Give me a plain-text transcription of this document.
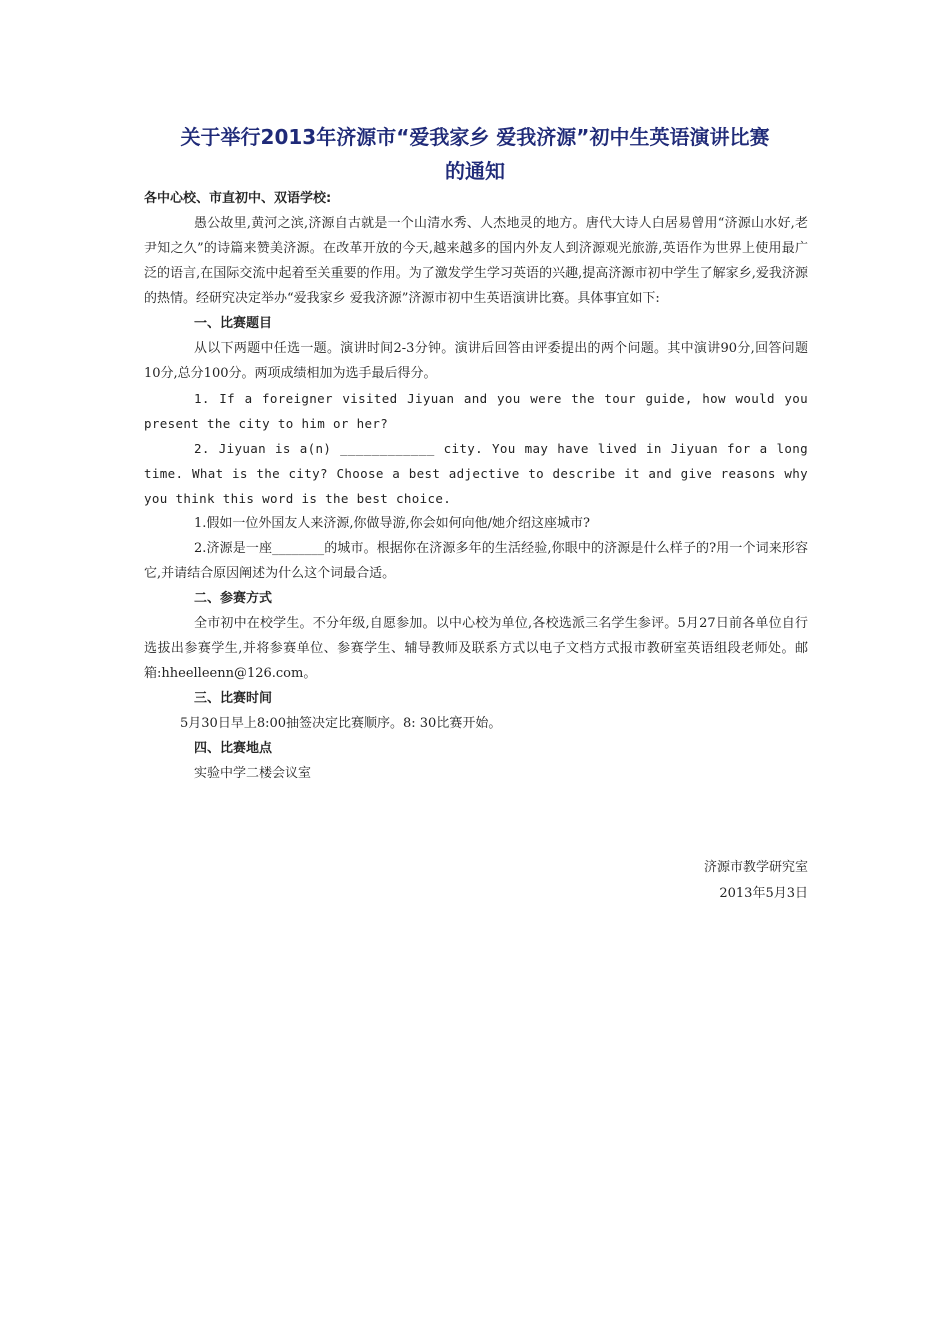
关于举行2013年济源市“爱我家乡 爱我济源”初中生英语演讲比赛
的通知
各中心校、市直初中、双语学校:
愚公故里,黄河之滨,济源自古就是一个山清水秀、人杰地灵的地方。唐代大诗人白居易曾用“济源山水好,老尹知之久”的诗篇来赞美济源。在改革开放的今天,越来越多的国内外友人到济源观光旅游,英语作为世界上使用最广泛的语言,在国际交流中起着至关重要的作用。为了激发学生学习英语的兴趣,提高济源市初中学生了解家乡,爱我济源的热情。经研究决定举办“爱我家乡 爱我济源”济源市初中生英语演讲比赛。具体事宜如下:
一、比赛题目
从以下两题中任选一题。演讲时间2-3分钟。演讲后回答由评委提出的两个问题。其中演讲90分,回答问题10分,总分100分。两项成绩相加为选手最后得分。
1. If a foreigner visited Jiyuan and you were the tour guide, how would you present the city to him or her?
2. Jiyuan is a(n) ____________ city. You may have lived in Jiyuan for a long time. What is the city? Choose a best adjective to describe it and give reasons why you think this word is the best choice.
1.假如一位外国友人来济源,你做导游,你会如何向他/她介绍这座城市?
2.济源是一座________的城市。根据你在济源多年的生活经验,你眼中的济源是什么样子的?用一个词来形容它,并请结合原因阐述为什么这个词最合适。
二、参赛方式
全市初中在校学生。不分年级,自愿参加。以中心校为单位,各校选派三名学生参评。5月27日前各单位自行选拔出参赛学生,并将参赛单位、参赛学生、辅导教师及联系方式以电子文档方式报市教研室英语组段老师处。邮箱:hheelleenn@126.com。
三、比赛时间
5月30日早上8:00抽签决定比赛顺序。8: 30比赛开始。
四、比赛地点
实验中学二楼会议室
济源市教学研究室
2013年5月3日
